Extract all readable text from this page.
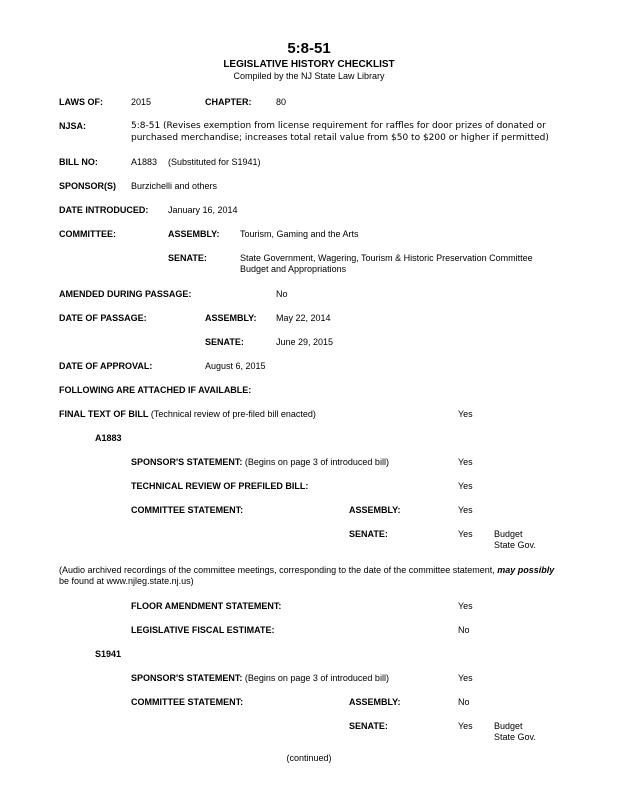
5:8-51
LEGISLATIVE HISTORY CHECKLIST
Compiled by the NJ State Law Library
LAWS OF:	2015	CHAPTER:	80
NJSA:	5:8-51 (Revises exemption from license requirement for raffles for door prizes of donated or
purchased merchandise; increases total retail value from $50 to $200 or higher if permitted)
BILL NO:	A1883 (Substituted for S1941)
SPONSOR(S) Burzichelli and others
DATE INTRODUCED: January 16, 2014
COMMITTEE:	ASSEMBLY: Tourism, Gaming and the Arts
SENATE:	State Government, Wagering, Tourism & Historic Preservation Committee
Budget and Appropriations
AMENDED DURING PASSAGE:	No
DATE OF PASSAGE:	ASSEMBLY: May 22, 2014
SENATE:	June 29, 2015
DATE OF APPROVAL:	August 6, 2015
FOLLOWING ARE ATTACHED IF AVAILABLE:
FINAL TEXT OF BILL (Technical review of pre-filed bill enacted)	Yes
A1883
SPONSOR'S STATEMENT: (Begins on page 3 of introduced bill)	Yes
TECHNICAL REVIEW OF PREFILED BILL:	Yes
COMMITTEE STATEMENT:	ASSEMBLY:	Yes
SENATE:	Yes Budget
State Gov.
(Audio archived recordings of the committee meetings, corresponding to the date of the committee statement, may possibly
be found at www.njleg.state.nj.us)
FLOOR AMENDMENT STATEMENT:	Yes
LEGISLATIVE FISCAL ESTIMATE:	No
S1941
SPONSOR'S STATEMENT: (Begins on page 3 of introduced bill)	Yes
COMMITTEE STATEMENT:	ASSEMBLY:	No
SENATE:	Yes Budget
State Gov.
(continued)
